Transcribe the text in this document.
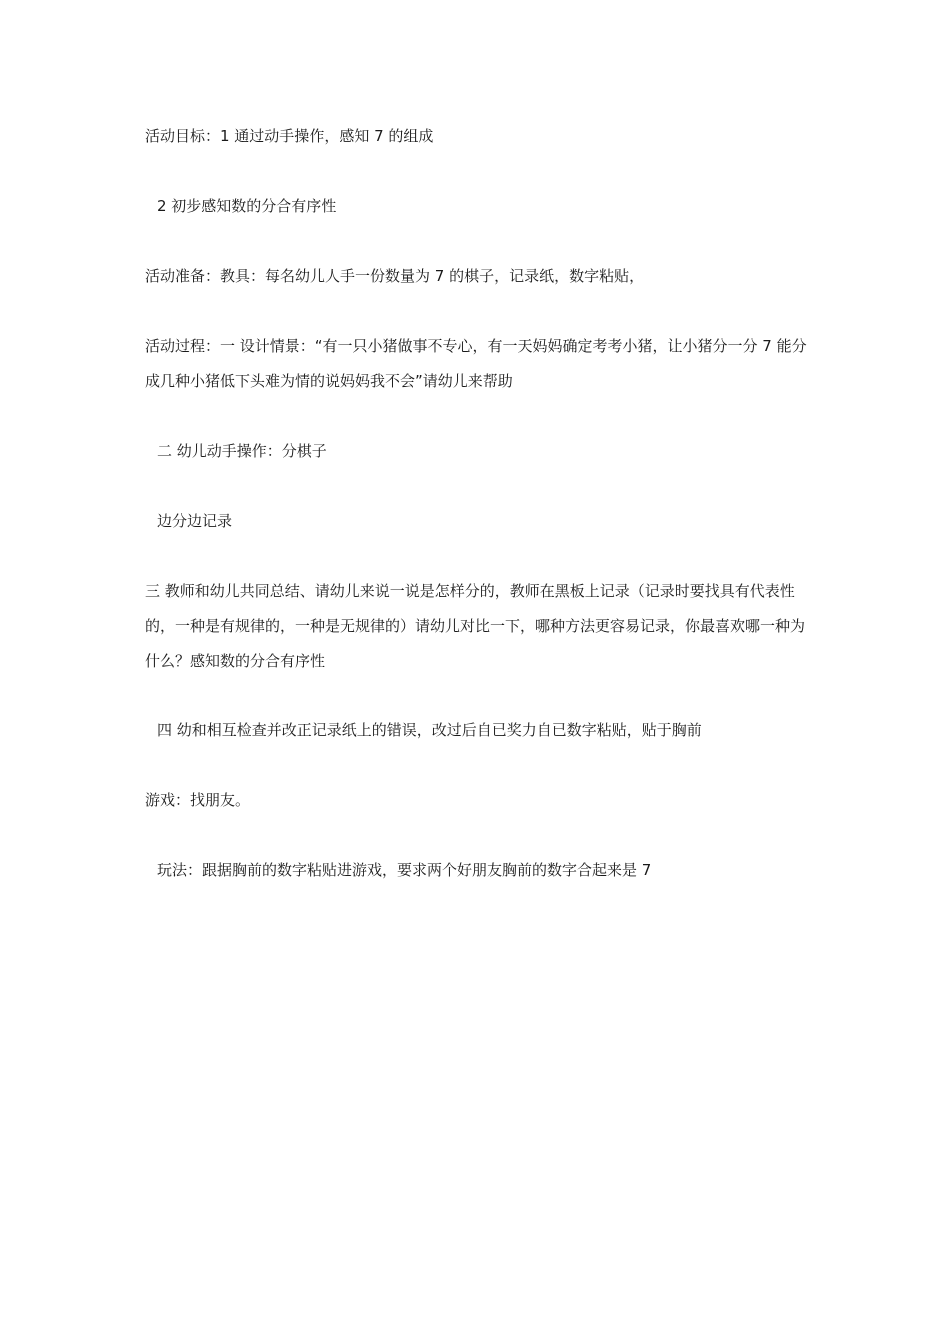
活动目标：1 通过动手操作，感知 7 的组成

2 初步感知数的分合有序性

活动准备：教具：每名幼儿人手一份数量为 7 的棋子，记录纸，数字粘贴，

活动过程：一 设计情景：“有一只小猪做事不专心，有一天妈妈确定考考小猪，让小猪分一分 7 能分成几种小猪低下头难为情的说妈妈我不会”请幼儿来帮助

二 幼儿动手操作：分棋子

边分边记录

三 教师和幼儿共同总结、请幼儿来说一说是怎样分的，教师在黑板上记录（记录时要找具有代表性的，一种是有规律的，一种是无规律的）请幼儿对比一下，哪种方法更容易记录，你最喜欢哪一种为什么？感知数的分合有序性

四 幼和相互检查并改正记录纸上的错误，改过后自已奖力自已数字粘贴，贴于胸前

游戏：找朋友。

玩法：跟据胸前的数字粘贴进游戏，要求两个好朋友胸前的数字合起来是 7
